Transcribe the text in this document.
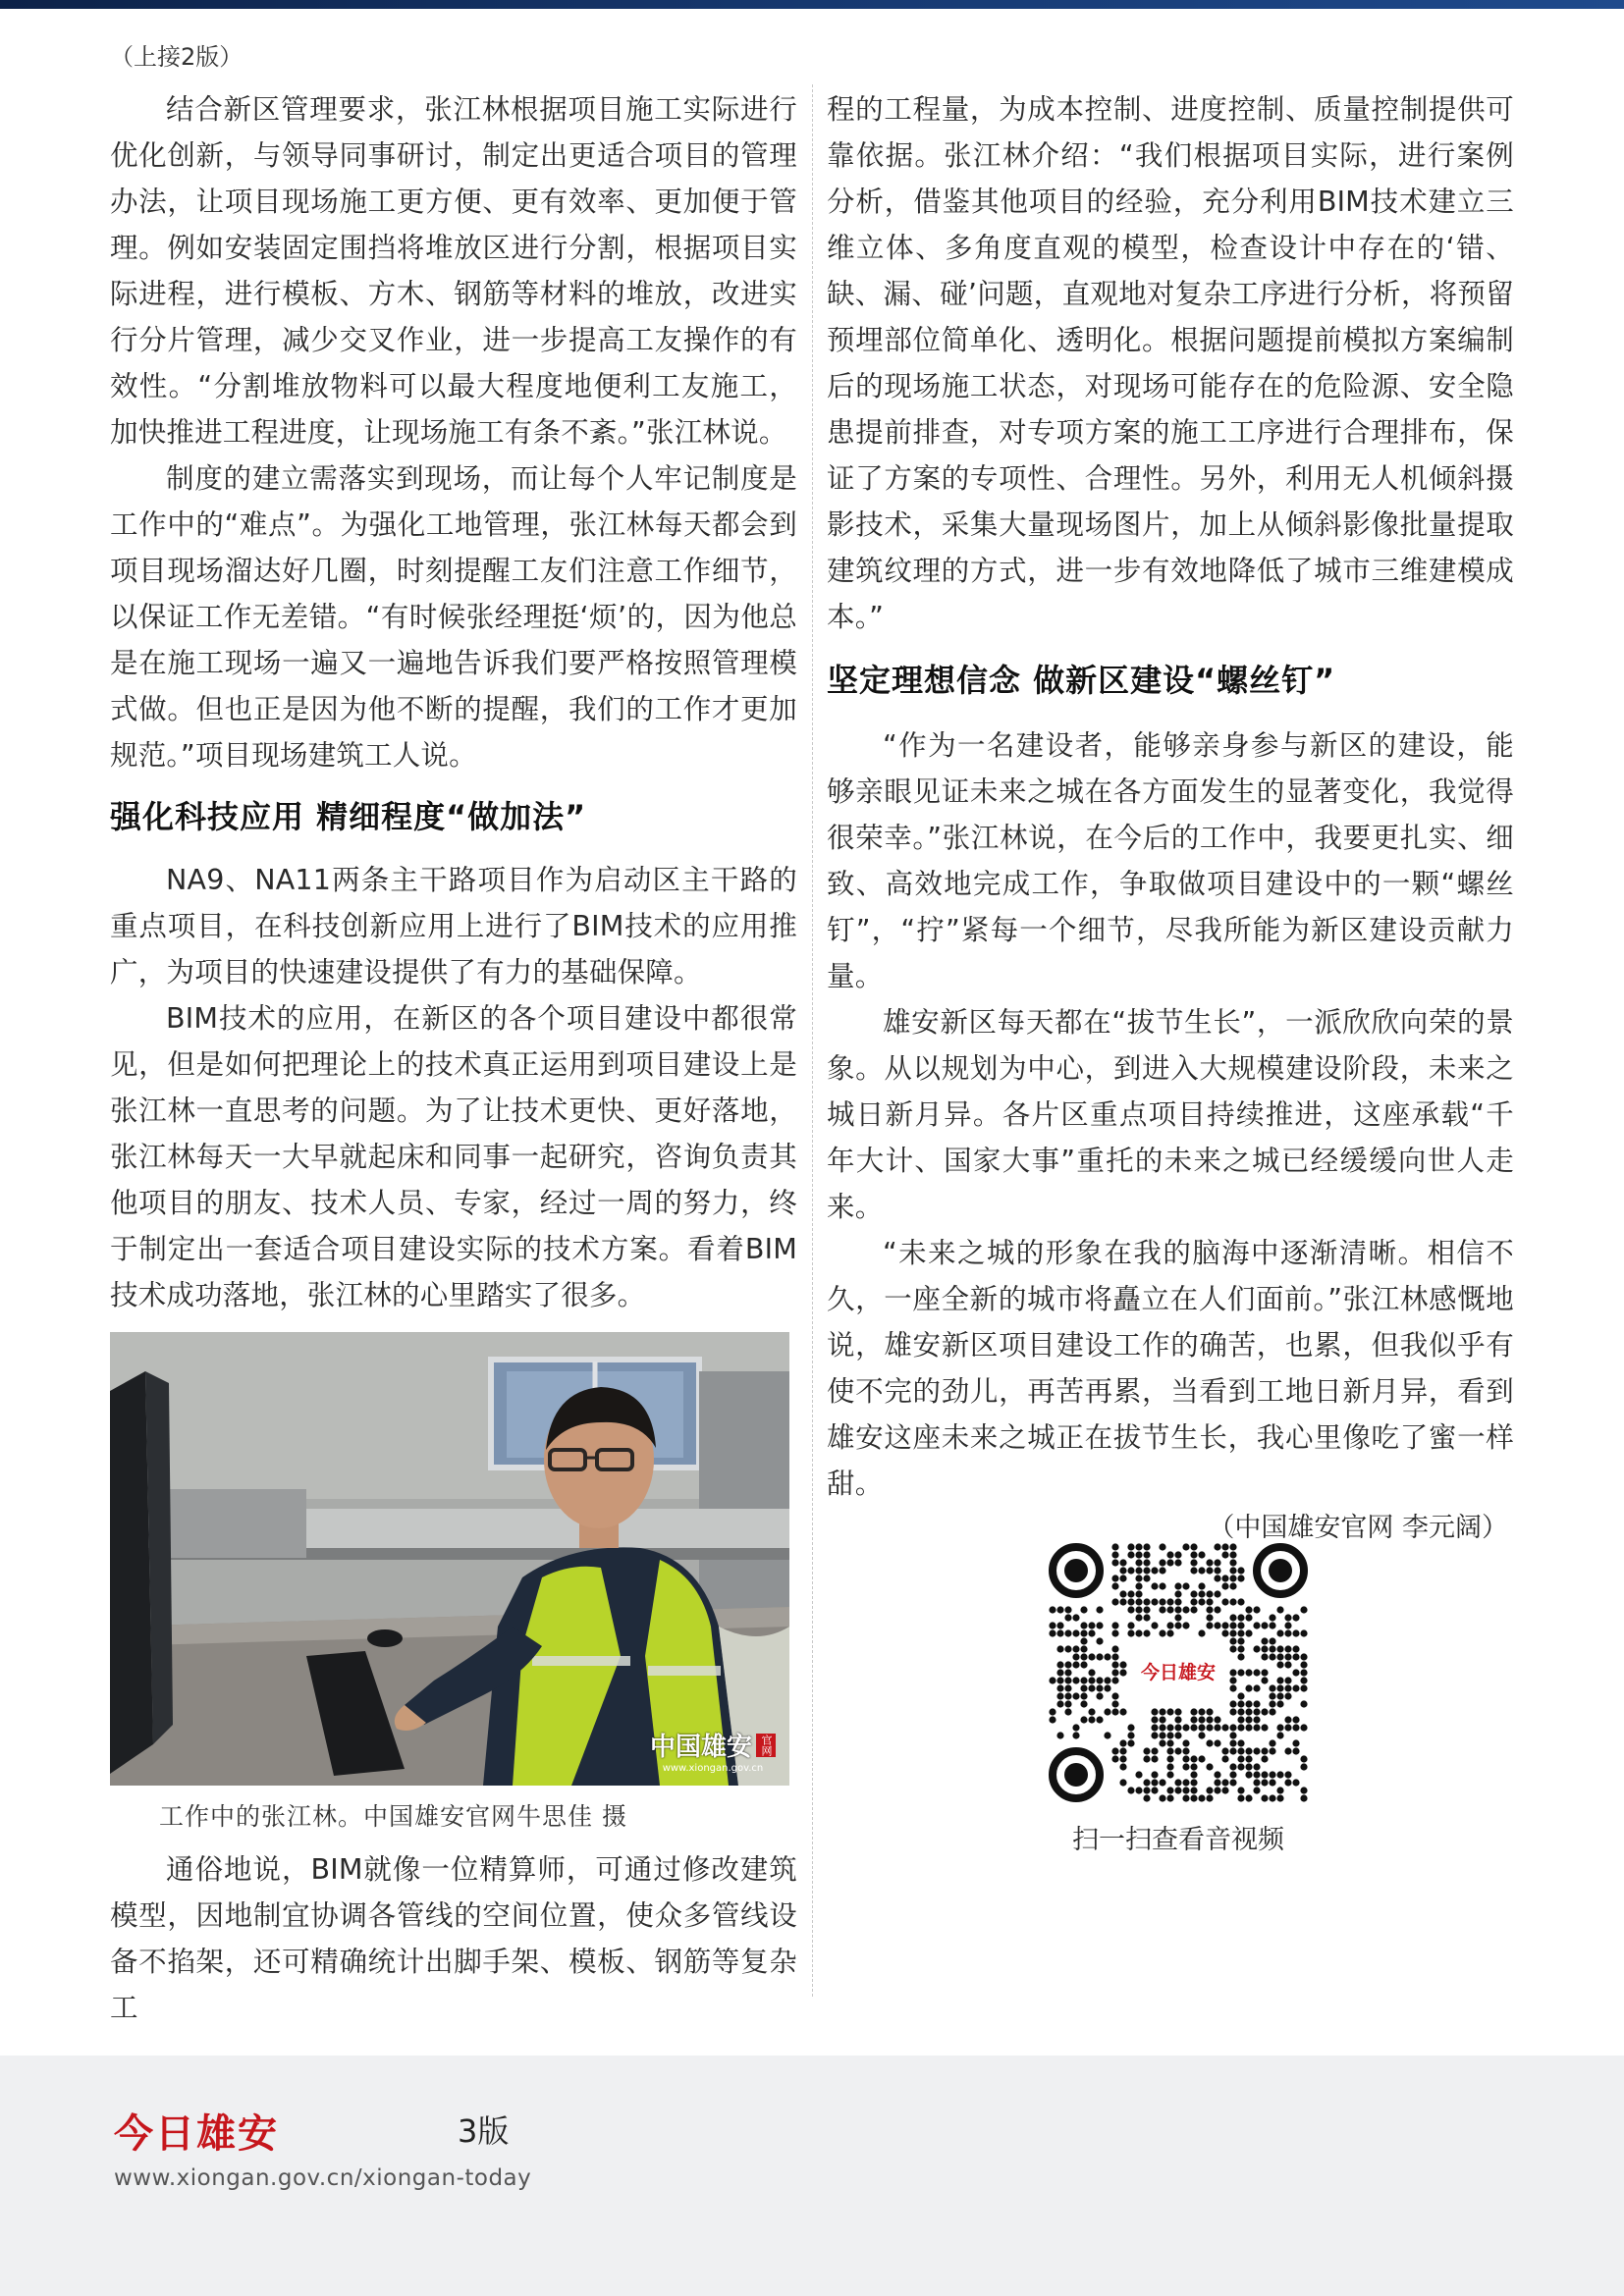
（上接2版）

结合新区管理要求，张江林根据项目施工实际进行优化创新，与领导同事研讨，制定出更适合项目的管理办法，让项目现场施工更方便、更有效率、更加便于管理。例如安装固定围挡将堆放区进行分割，根据项目实际进程，进行模板、方木、钢筋等材料的堆放，改进实行分片管理，减少交叉作业，进一步提高工友操作的有效性。“分割堆放物料可以最大程度地便利工友施工，加快推进工程进度，让现场施工有条不紊。”张江林说。

制度的建立需落实到现场，而让每个人牢记制度是工作中的“难点”。为强化工地管理，张江林每天都会到项目现场溜达好几圈，时刻提醒工友们注意工作细节，以保证工作无差错。“有时候张经理挺‘烦’的，因为他总是在施工现场一遍又一遍地告诉我们要严格按照管理模式做。但也正是因为他不断的提醒，我们的工作才更加规范。”项目现场建筑工人说。

强化科技应用 精细程度“做加法”

NA9、NA11两条主干路项目作为启动区主干路的重点项目，在科技创新应用上进行了BIM技术的应用推广，为项目的快速建设提供了有力的基础保障。

BIM技术的应用，在新区的各个项目建设中都很常见，但是如何把理论上的技术真正运用到项目建设上是张江林一直思考的问题。为了让技术更快、更好落地，张江林每天一大早就起床和同事一起研究，咨询负责其他项目的朋友、技术人员、专家，经过一周的努力，终于制定出一套适合项目建设实际的技术方案。看着BIM技术成功落地，张江林的心里踏实了很多。

中国雄安 官网
www.xiongan.gov.cn
工作中的张江林。中国雄安官网牛思佳 摄

通俗地说，BIM就像一位精算师，可通过修改建筑模型，因地制宜协调各管线的空间位置，使众多管线设备不掐架，还可精确统计出脚手架、模板、钢筋等复杂工

程的工程量，为成本控制、进度控制、质量控制提供可靠依据。张江林介绍：“我们根据项目实际，进行案例分析，借鉴其他项目的经验，充分利用BIM技术建立三维立体、多角度直观的模型，检查设计中存在的‘错、缺、漏、碰’问题，直观地对复杂工序进行分析，将预留预埋部位简单化、透明化。根据问题提前模拟方案编制后的现场施工状态，对现场可能存在的危险源、安全隐患提前排查，对专项方案的施工工序进行合理排布，保证了方案的专项性、合理性。另外，利用无人机倾斜摄影技术，采集大量现场图片，加上从倾斜影像批量提取建筑纹理的方式，进一步有效地降低了城市三维建模成本。”

坚定理想信念 做新区建设“螺丝钉”

“作为一名建设者，能够亲身参与新区的建设，能够亲眼见证未来之城在各方面发生的显著变化，我觉得很荣幸。”张江林说，在今后的工作中，我要更扎实、细致、高效地完成工作，争取做项目建设中的一颗“螺丝钉”，“拧”紧每一个细节，尽我所能为新区建设贡献力量。

雄安新区每天都在“拔节生长”，一派欣欣向荣的景象。从以规划为中心，到进入大规模建设阶段，未来之城日新月异。各片区重点项目持续推进，这座承载“千年大计、国家大事”重托的未来之城已经缓缓向世人走来。

“未来之城的形象在我的脑海中逐渐清晰。相信不久，一座全新的城市将矗立在人们面前。”张江林感慨地说，雄安新区项目建设工作的确苦，也累，但我似乎有使不完的劲儿，再苦再累，当看到工地日新月异，看到雄安这座未来之城正在拔节生长，我心里像吃了蜜一样甜。

（中国雄安官网 李元阔）
今日雄安
扫一扫查看音视频
今日雄安	3版
www.xiongan.gov.cn/xiongan-today
